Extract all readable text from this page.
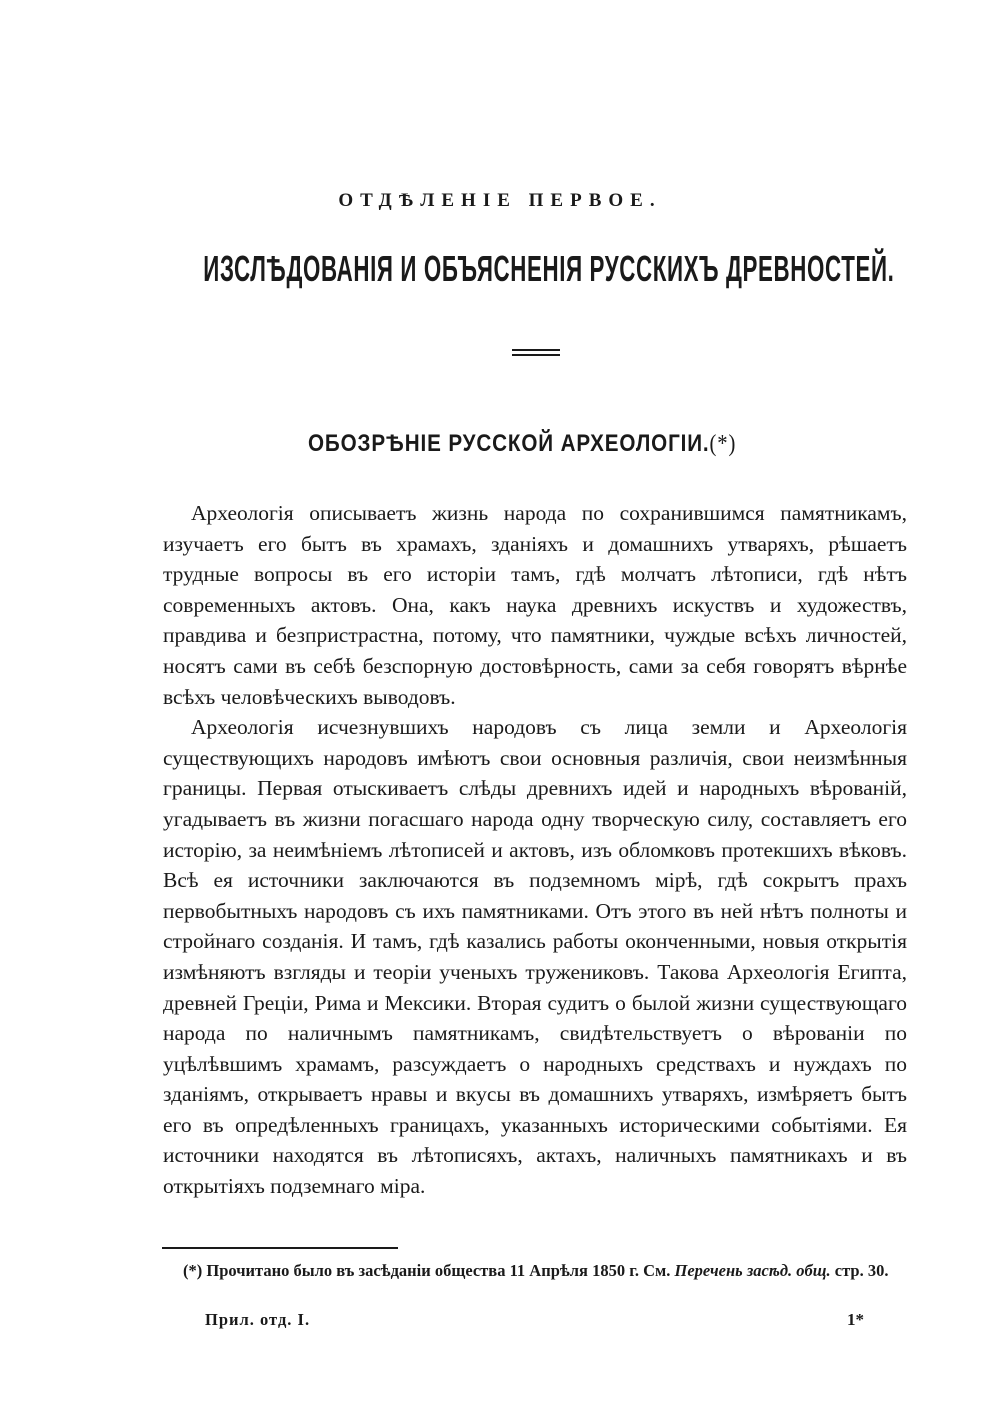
ОТДѢЛЕНІЕ ПЕРВОЕ.
ИЗСЛѢДОВАНІЯ И ОБЪЯСНЕНІЯ РУССКИХЪ ДРЕВНОСТЕЙ.
ОБОЗРѢНІЕ РУССКОЙ АРХЕОЛОГІИ.(*)

Археологія описываетъ жизнь народа по сохранившимся памятникамъ, изучаетъ его бытъ въ храмахъ, зданіяхъ и домашнихъ утваряхъ, рѣшаетъ трудные вопросы въ его исторіи тамъ, гдѣ молчатъ лѣтописи, гдѣ нѣтъ современныхъ актовъ. Она, какъ наука древнихъ искуствъ и художествъ, правдива и безпристрастна, потому, что памятники, чуждые всѣхъ личностей, носятъ сами въ себѣ безспорную достовѣрность, сами за себя говорятъ вѣрнѣе всѣхъ человѣческихъ выводовъ.

Археологія исчезнувшихъ народовъ съ лица земли и Археологія существующихъ народовъ имѣютъ свои основныя различія, свои неизмѣнныя границы. Первая отыскиваетъ слѣды древнихъ идей и народныхъ вѣрованій, угадываетъ въ жизни погасшаго народа одну творческую силу, составляетъ его исторію, за неимѣніемъ лѣтописей и актовъ, изъ обломковъ протекшихъ вѣковъ. Всѣ ея источники заключаются въ подземномъ мірѣ, гдѣ сокрытъ прахъ первобытныхъ народовъ съ ихъ памятниками. Отъ этого въ ней нѣтъ полноты и стройнаго созданія. И тамъ, гдѣ казались работы оконченными, новыя открытія измѣняютъ взгляды и теоріи ученыхъ тружениковъ. Такова Археологія Египта, древней Греціи, Рима и Мексики. Вторая судитъ о былой жизни существующаго народа по наличнымъ памятникамъ, свидѣтельствуетъ о вѣрованіи по уцѣлѣвшимъ храмамъ, разсуждаетъ о народныхъ средствахъ и нуждахъ по зданіямъ, открываетъ нравы и вкусы въ домашнихъ утваряхъ, измѣряетъ бытъ его въ опредѣленныхъ границахъ, указанныхъ историческими событіями. Ея источники находятся въ лѣтописяхъ, актахъ, наличныхъ памятникахъ и въ открытіяхъ подземнаго міра.

(*) Прочитано было въ засѣданіи общества 11 Апрѣля 1850 г. См. Перечень засѣд. общ. стр. 30.
Прил. отд. I.	1*
